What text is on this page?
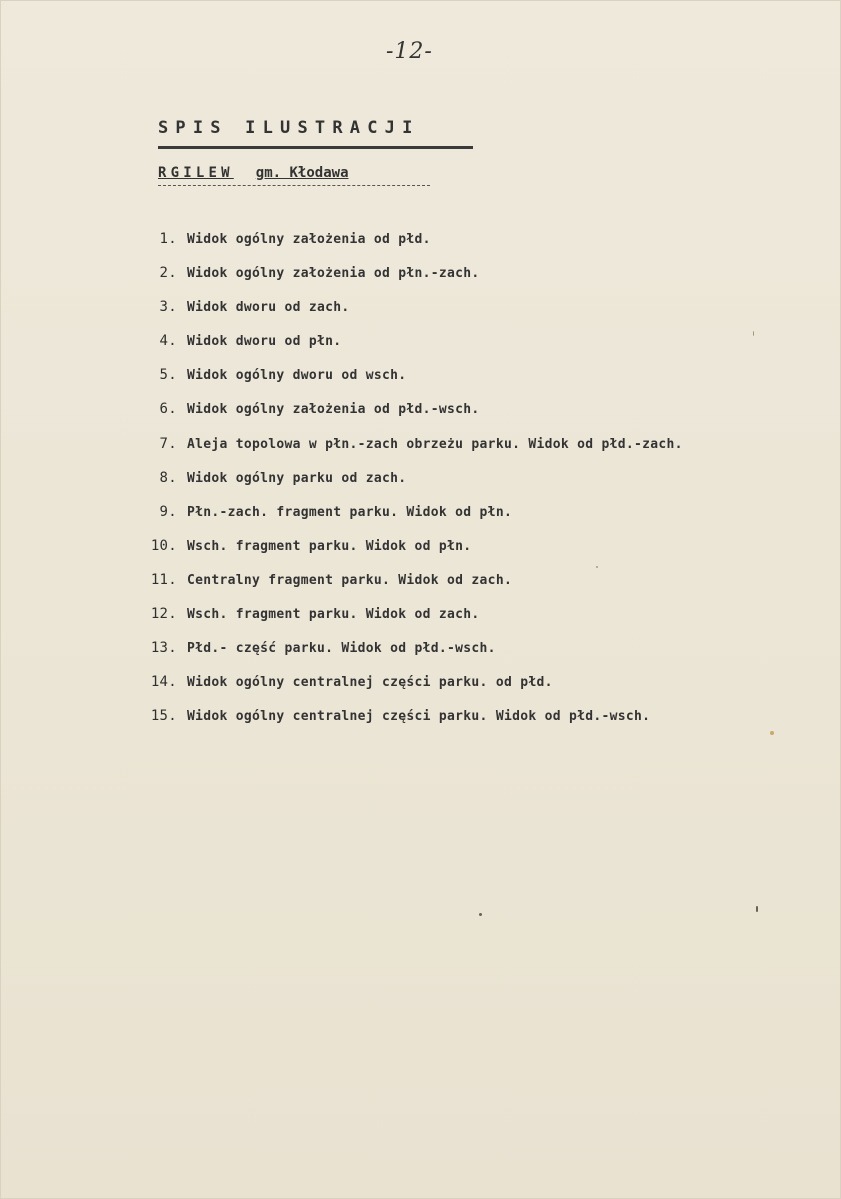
-12-
SPIS ILUSTRACJI
RGILEW gm. Kłodawa
1. Widok ogólny założenia od płd.
2. Widok ogólny założenia od płn.-zach.
3. Widok dworu od zach.
4. Widok dworu od płn.
5. Widok ogólny dworu od wsch.
6. Widok ogólny założenia od płd.-wsch.
7. Aleja topolowa w płn.-zach obrzeżu parku. Widok od płd.-zach.
8. Widok ogólny parku od zach.
9. Płn.-zach. fragment parku. Widok od płn.
10. Wsch. fragment parku. Widok od płn.
11. Centralny fragment parku. Widok od zach.
12. Wsch. fragment parku. Widok od zach.
13. Płd.- część parku. Widok od płd.-wsch.
14. Widok ogólny centralnej części parku. od płd.
15. Widok ogólny centralnej części parku. Widok od płd.-wsch.
